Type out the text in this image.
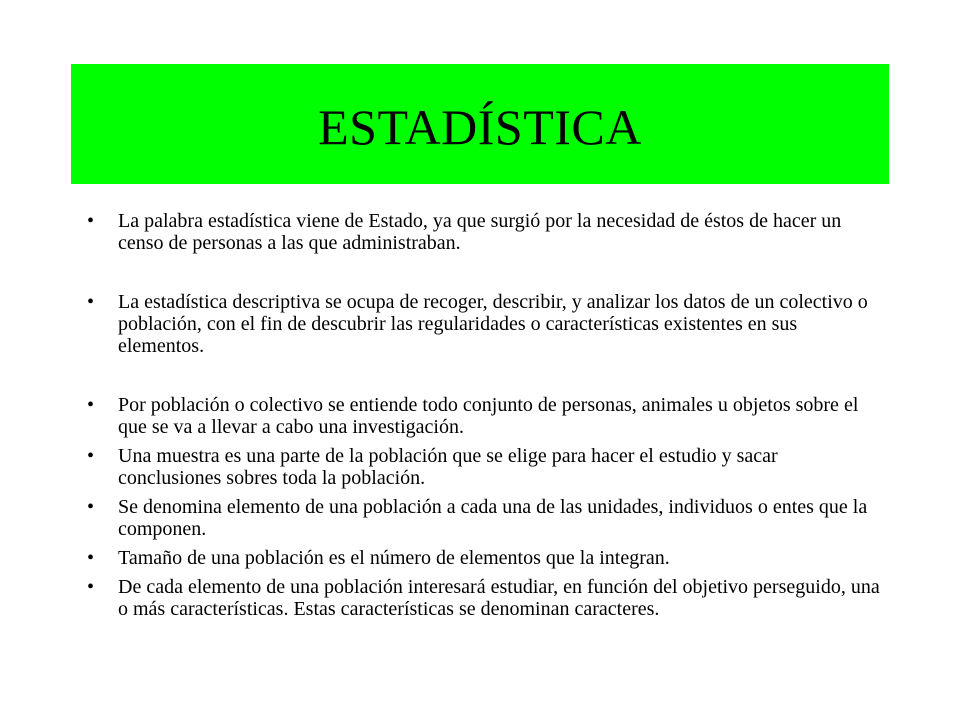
ESTADÍSTICA
• La palabra estadística viene de Estado, ya que surgió por la necesidad de éstos de hacer un censo de personas a las que administraban.
• La estadística descriptiva se ocupa de recoger, describir, y analizar los datos de un colectivo o población, con el fin de descubrir las regularidades o características existentes en sus elementos.
• Por población o colectivo se entiende todo conjunto de personas, animales u objetos sobre el que se va a llevar a cabo una investigación.
• Una muestra es una parte de la población que se elige para hacer el estudio y sacar conclusiones sobres toda la población.
• Se denomina elemento de una población a cada una de las unidades, individuos o entes que la componen.
• Tamaño de una población es el número de elementos que la integran.
• De cada elemento de una población interesará estudiar, en función del objetivo perseguido, una o más características. Estas características se denominan caracteres.
